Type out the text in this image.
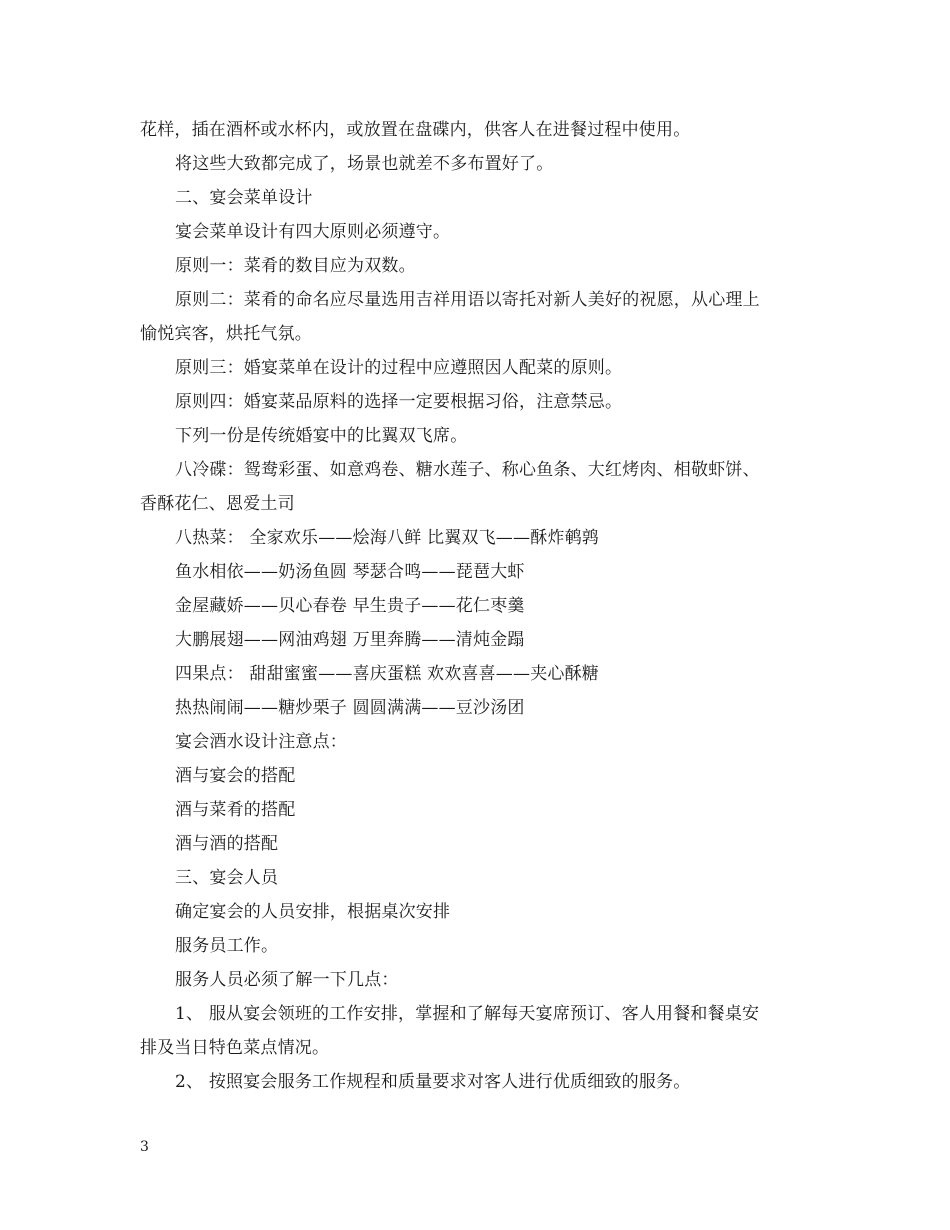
花样，插在酒杯或水杯内，或放置在盘碟内，供客人在进餐过程中使用。
将这些大致都完成了，场景也就差不多布置好了。
二、宴会菜单设计
宴会菜单设计有四大原则必须遵守。
原则一：菜肴的数目应为双数。
原则二：菜肴的命名应尽量选用吉祥用语以寄托对新人美好的祝愿，从心理上
愉悦宾客，烘托气氛。
原则三：婚宴菜单在设计的过程中应遵照因人配菜的原则。
原则四：婚宴菜品原料的选择一定要根据习俗，注意禁忌。
下列一份是传统婚宴中的比翼双飞席。
八冷碟：鸳鸯彩蛋、如意鸡卷、糖水莲子、称心鱼条、大红烤肉、相敬虾饼、
香酥花仁、恩爱土司
八热菜： 全家欢乐——烩海八鲜 比翼双飞——酥炸鹌鹑
鱼水相依——奶汤鱼圆 琴瑟合鸣——琵琶大虾
金屋藏娇——贝心春卷 早生贵子——花仁枣羹
大鹏展翅——网油鸡翅 万里奔腾——清炖金蹋
四果点： 甜甜蜜蜜——喜庆蛋糕 欢欢喜喜——夹心酥糖
热热闹闹——糖炒栗子 圆圆满满——豆沙汤团
宴会酒水设计注意点：
酒与宴会的搭配
酒与菜肴的搭配
酒与酒的搭配
三、宴会人员
确定宴会的人员安排，根据桌次安排
服务员工作。
服务人员必须了解一下几点：
1、 服从宴会领班的工作安排，掌握和了解每天宴席预订、客人用餐和餐桌安
排及当日特色菜点情况。
2、 按照宴会服务工作规程和质量要求对客人进行优质细致的服务。
3
